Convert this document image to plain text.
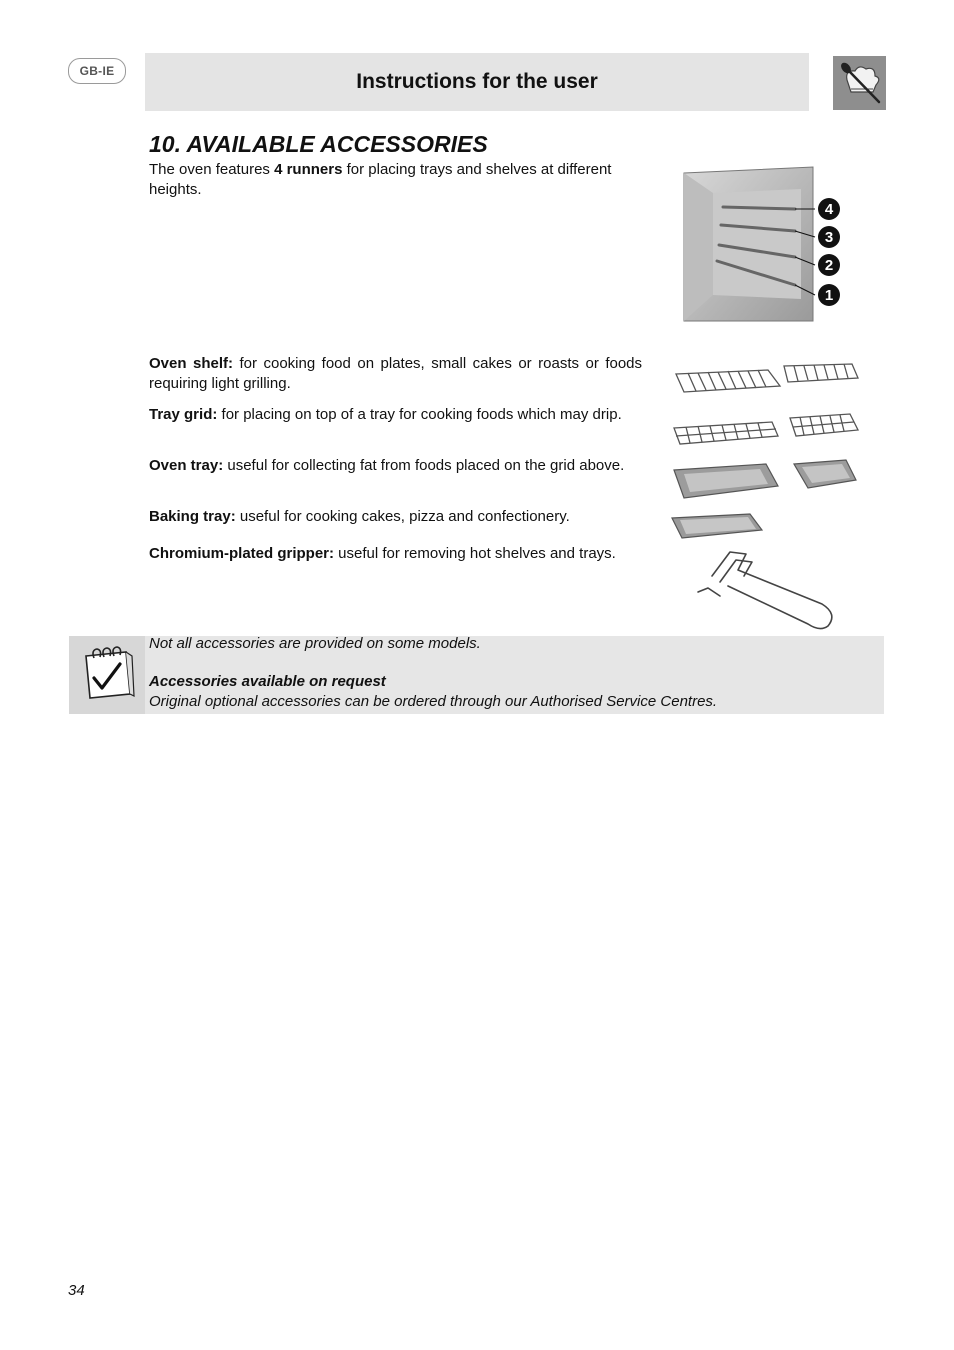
GB-IE	Instructions for the user
10. AVAILABLE ACCESSORIES

The oven features 4 runners for placing trays and shelves at different heights.

4
3
2
1

Oven shelf: for cooking food on plates, small cakes or roasts or foods requiring light grilling.

Tray grid: for placing on top of a tray for cooking foods which may drip.

Oven tray: useful for collecting fat from foods placed on the grid above.

Baking tray: useful for cooking cakes, pizza and confectionery.

Chromium-plated gripper: useful for removing hot shelves and trays.

Not all accessories are provided on some models.
Accessories available on request
Original optional accessories can be ordered through our Authorised Service Centres.
34
